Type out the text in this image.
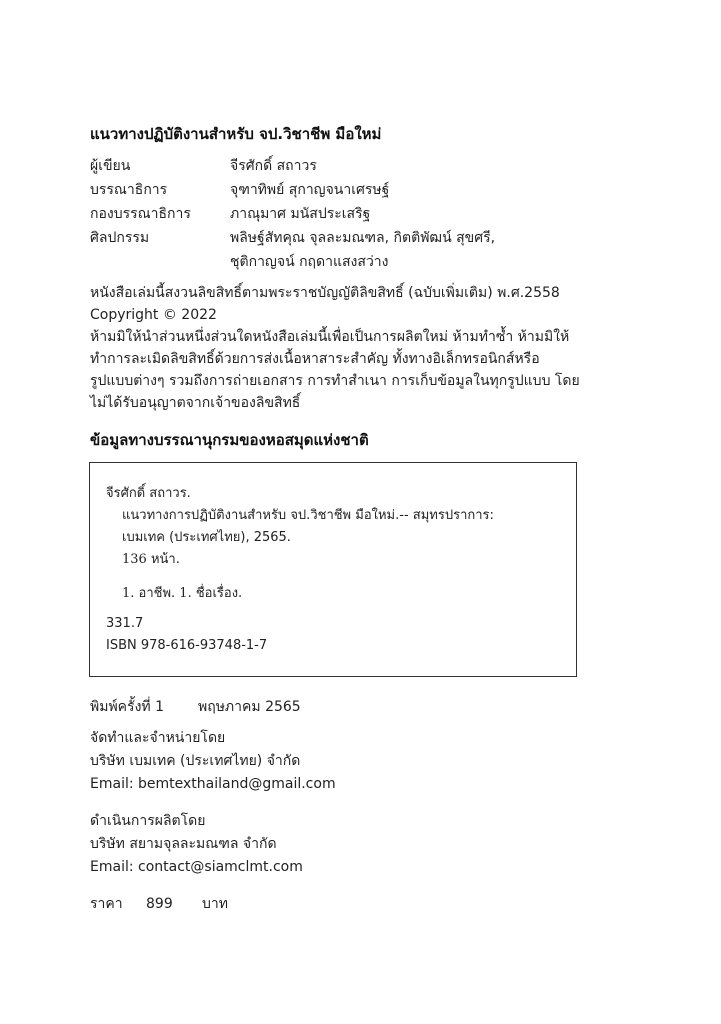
แนวทางปฏิบัติงานสำหรับ จป.วิชาชีพ มือใหม่
ผู้เขียน	จีรศักดิ์ สถาวร
บรรณาธิการ	จุฑาทิพย์ สุกาญจนาเศรษฐ์
กองบรรณาธิการ	ภาณุมาศ มนัสประเสริฐ
ศิลปกรรม	พลิษฐ์สัทคุณ จุลละมณฑล, กิตติพัฒน์ สุขศรี,
ชุติกาญจน์ กฤดาแสงสว่าง

หนังสือเล่มนี้สงวนลิขสิทธิ์ตามพระราชบัญญัติลิขสิทธิ์ (ฉบับเพิ่มเติม) พ.ศ.2558

Copyright © 2022

ห้ามมิให้นำส่วนหนึ่งส่วนใดหนังสือเล่มนี้เพื่อเป็นการผลิตใหม่ ห้ามทำซ้ำ ห้ามมิให้

ทำการละเมิดลิขสิทธิ์ด้วยการส่งเนื้อหาสาระสำคัญ ทั้งทางอิเล็กทรอนิกส์หรือ

รูปแบบต่างๆ รวมถึงการถ่ายเอกสาร การทำสำเนา การเก็บข้อมูลในทุกรูปแบบ โดย

ไม่ได้รับอนุญาตจากเจ้าของลิขสิทธิ์

ข้อมูลทางบรรณานุกรมของหอสมุดแห่งชาติ
จีรศักดิ์ สถาวร.
แนวทางการปฏิบัติงานสำหรับ จป.วิชาชีพ มือใหม่.-- สมุทรปราการ:
เบมเทค (ประเทศไทย), 2565.
136 หน้า.
1. อาชีพ. 1. ชื่อเรื่อง.
331.7
ISBN 978-616-93748-1-7
พิมพ์ครั้งที่ 1	พฤษภาคม 2565
จัดทำและจำหน่ายโดย
บริษัท เบมเทค (ประเทศไทย) จำกัด
Email: bemtexthailand@gmail.com
ดำเนินการผลิตโดย
บริษัท สยามจุลละมณฑล จำกัด
Email: contact@siamclmt.com
ราคา	899	บาท
